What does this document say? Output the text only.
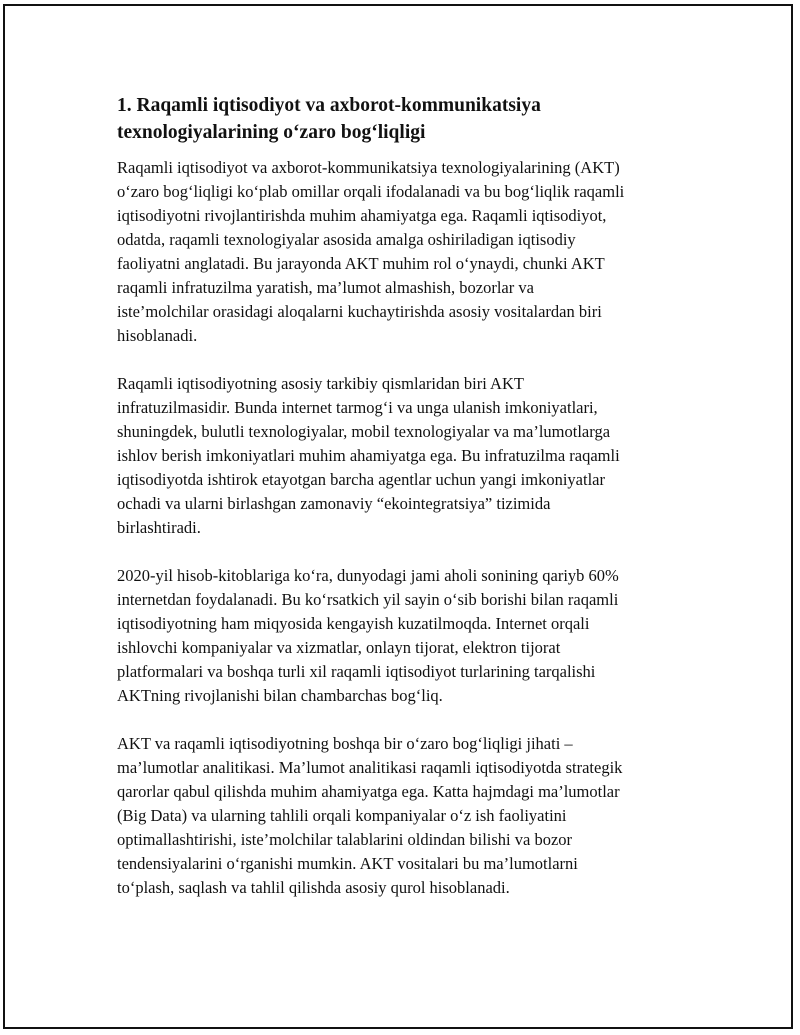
1. Raqamli iqtisodiyot va axborot-kommunikatsiya
texnologiyalarining o‘zaro bog‘liqligi

Raqamli iqtisodiyot va axborot-kommunikatsiya texnologiyalarining (AKT)
o‘zaro bog‘liqligi ko‘plab omillar orqali ifodalanadi va bu bog‘liqlik raqamli
iqtisodiyotni rivojlantirishda muhim ahamiyatga ega. Raqamli iqtisodiyot,
odatda, raqamli texnologiyalar asosida amalga oshiriladigan iqtisodiy
faoliyatni anglatadi. Bu jarayonda AKT muhim rol o‘ynaydi, chunki AKT
raqamli infratuzilma yaratish, ma’lumot almashish, bozorlar va
iste’molchilar orasidagi aloqalarni kuchaytirishda asosiy vositalardan biri
hisoblanadi.

Raqamli iqtisodiyotning asosiy tarkibiy qismlaridan biri AKT
infratuzilmasidir. Bunda internet tarmog‘i va unga ulanish imkoniyatlari,
shuningdek, bulutli texnologiyalar, mobil texnologiyalar va ma’lumotlarga
ishlov berish imkoniyatlari muhim ahamiyatga ega. Bu infratuzilma raqamli
iqtisodiyotda ishtirok etayotgan barcha agentlar uchun yangi imkoniyatlar
ochadi va ularni birlashgan zamonaviy “ekointegratsiya” tizimida
birlashtiradi.

2020-yil hisob-kitoblariga ko‘ra, dunyodagi jami aholi sonining qariyb 60%
internetdan foydalanadi. Bu ko‘rsatkich yil sayin o‘sib borishi bilan raqamli
iqtisodiyotning ham miqyosida kengayish kuzatilmoqda. Internet orqali
ishlovchi kompaniyalar va xizmatlar, onlayn tijorat, elektron tijorat
platformalari va boshqa turli xil raqamli iqtisodiyot turlarining tarqalishi
AKTning rivojlanishi bilan chambarchas bog‘liq.

AKT va raqamli iqtisodiyotning boshqa bir o‘zaro bog‘liqligi jihati –
ma’lumotlar analitikasi. Ma’lumot analitikasi raqamli iqtisodiyotda strategik
qarorlar qabul qilishda muhim ahamiyatga ega. Katta hajmdagi ma’lumotlar
(Big Data) va ularning tahlili orqali kompaniyalar o‘z ish faoliyatini
optimallashtirishi, iste’molchilar talablarini oldindan bilishi va bozor
tendensiyalarini o‘rganishi mumkin. AKT vositalari bu ma’lumotlarni
to‘plash, saqlash va tahlil qilishda asosiy qurol hisoblanadi.
